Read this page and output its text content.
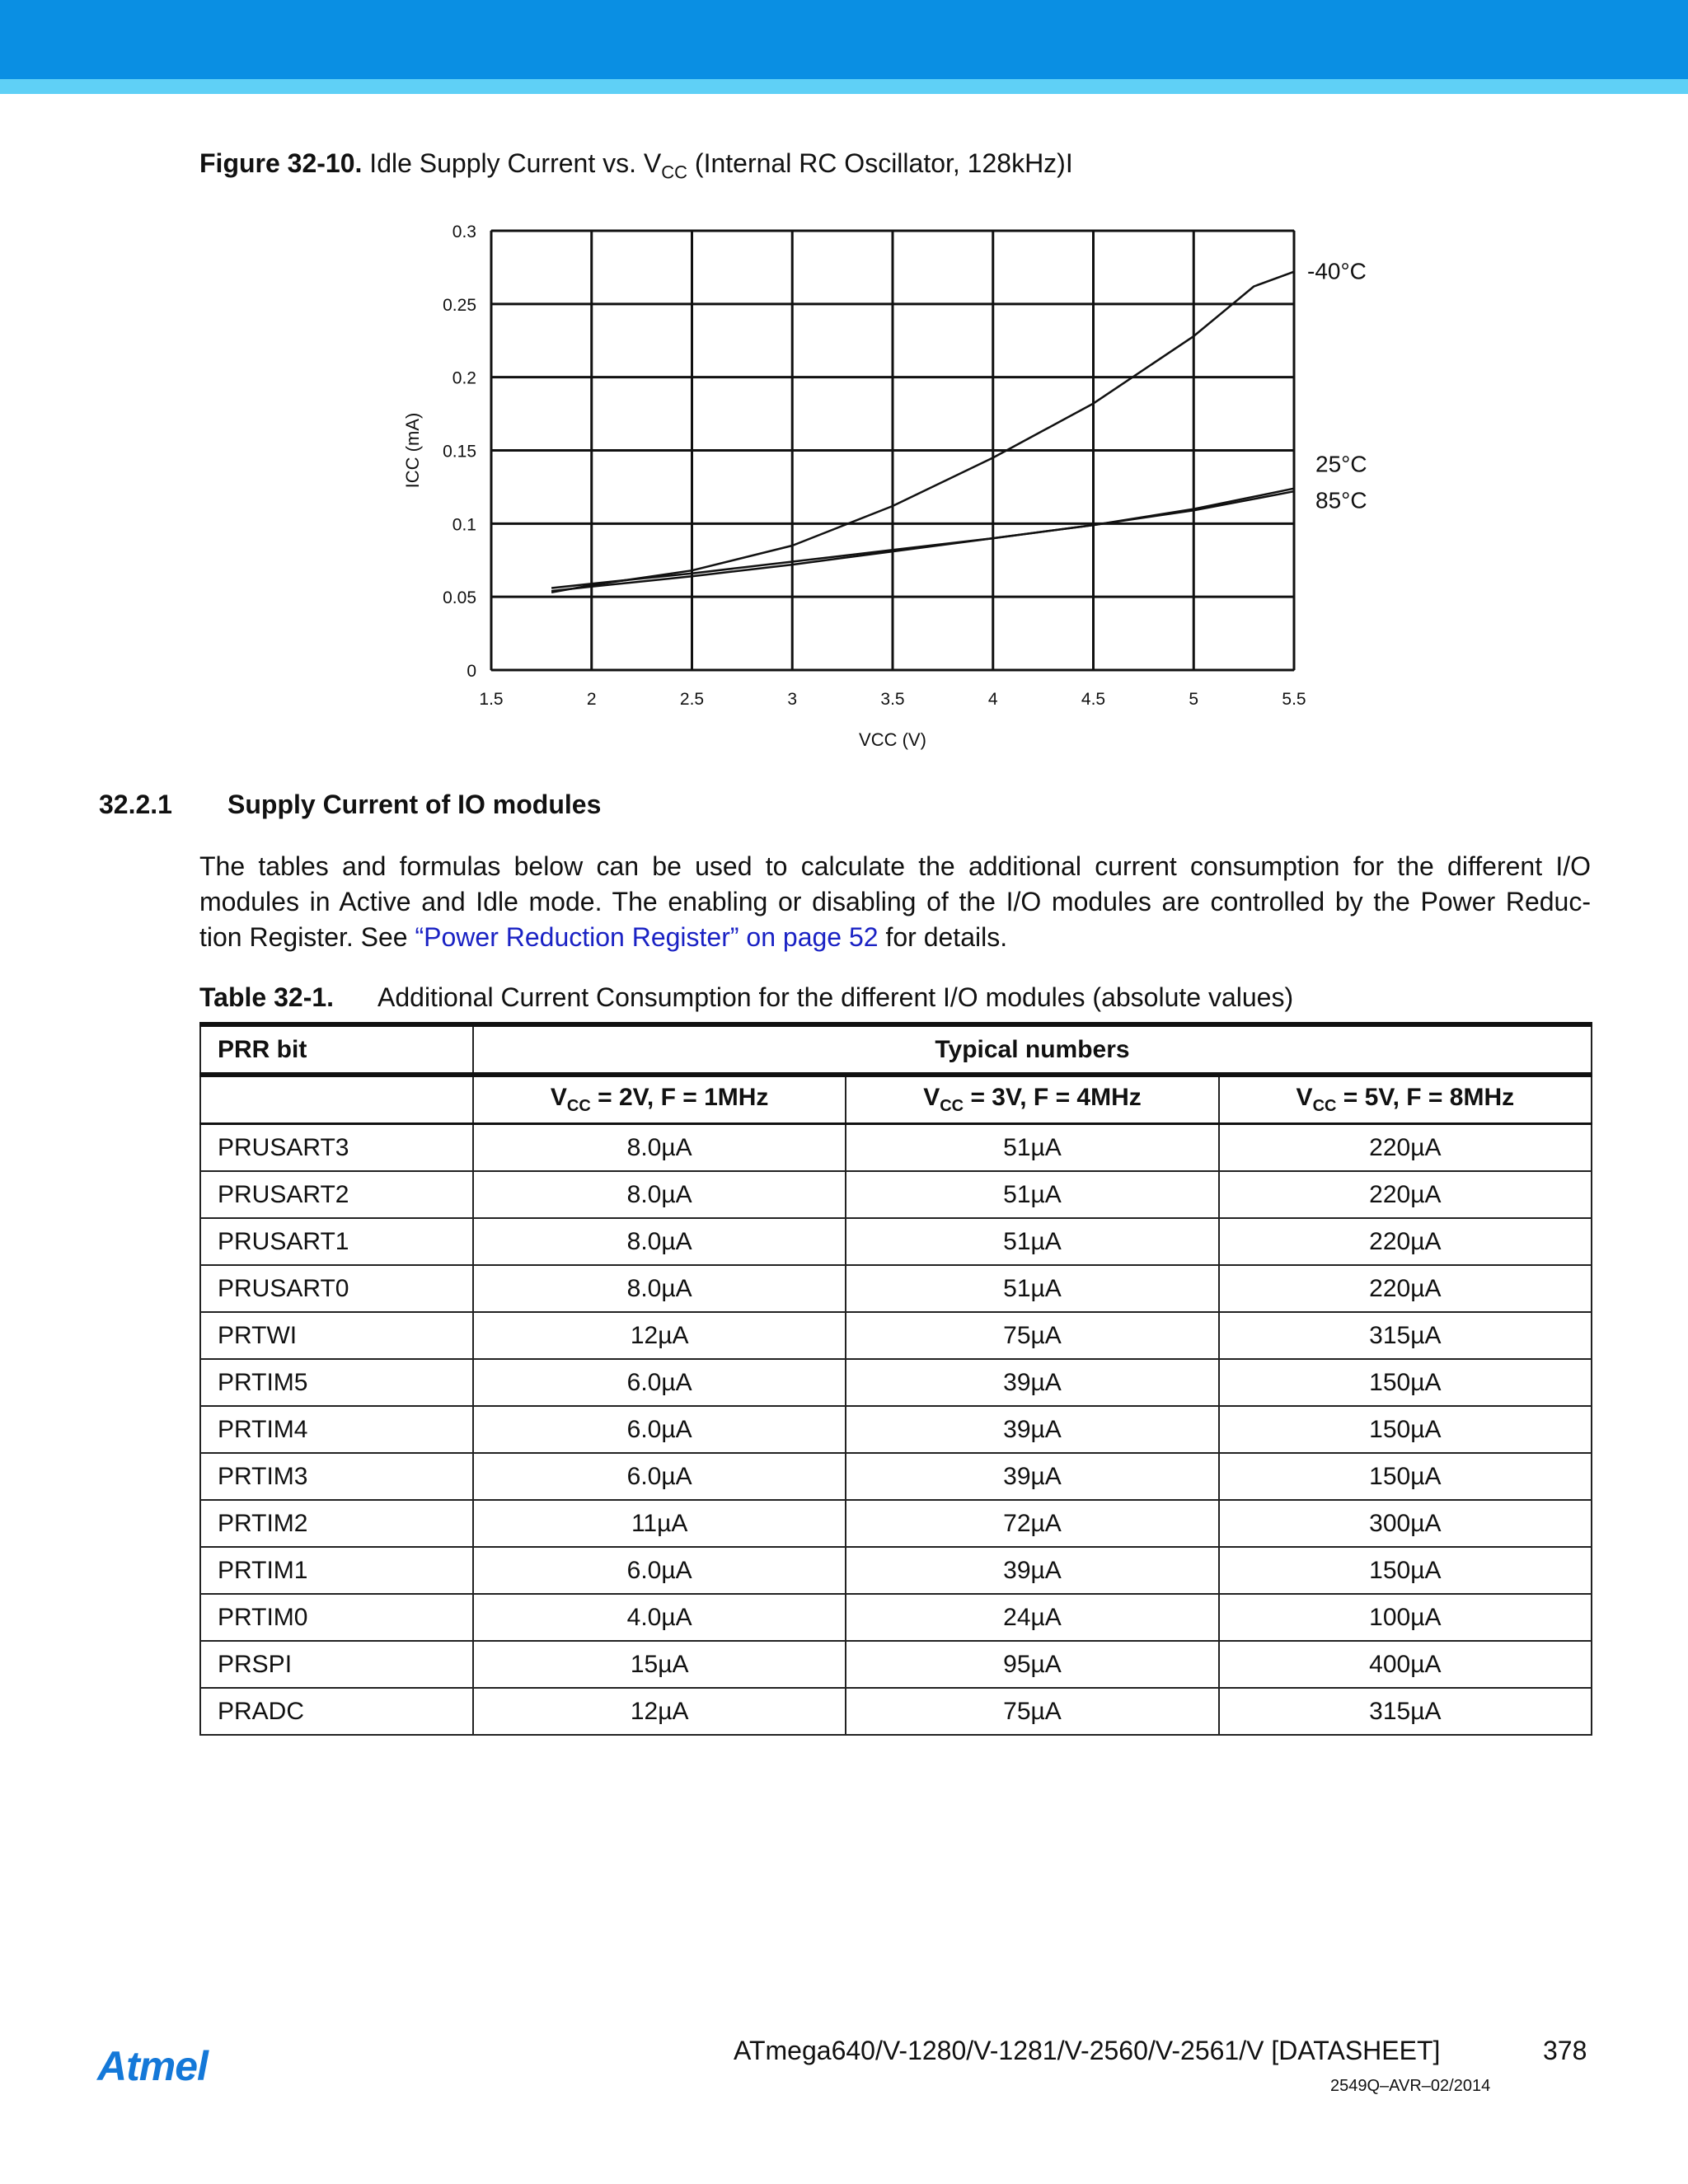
Figure 32-10. Idle Supply Current vs. $V_{CC}$ (Internal RC Oscillator, 128kHz)I
1.5	2	2.5	3	3.5	4	4.5	5	5.5
0
0.05
0.1
0.15
0.2
0.25
0.3
VCC (V)
ICC (mA)
-40°C
25°C
85°C
32.2.1 Supply Current of IO modules
The tables and formulas below can be used to calculate the additional current consumption for the different I/O
modules in Active and Idle mode. The enabling or disabling of the I/O modules are controlled by the Power Reduc-
tion Register. See “Power Reduction Register” on page 52 for details.
Table 32-1. Additional Current Consumption for the different I/O modules (absolute values)
PRR bit	Typical numbers		
	$V_{CC} = 2V$, F = 1MHz	$V_{CC} = 3V$, F = 4MHz	$V_{CC} = 5V$, F = 8MHz
PRUSART3	8.0µA	51µA	220µA
PRUSART2	8.0µA	51µA	220µA
PRUSART1	8.0µA	51µA	220µA
PRUSART0	8.0µA	51µA	220µA
PRTWI	12µA	75µA	315µA
PRTIM5	6.0µA	39µA	150µA
PRTIM4	6.0µA	39µA	150µA
PRTIM3	6.0µA	39µA	150µA
PRTIM2	11µA	72µA	300µA
PRTIM1	6.0µA	39µA	150µA
PRTIM0	4.0µA	24µA	100µA
PRSPI	15µA	95µA	400µA
PRADC	12µA	75µA	315µA
Atmel	ATmega640/V-1280/V-1281/V-2560/V-2561/V [DATASHEET]	378
2549Q–AVR–02/2014
